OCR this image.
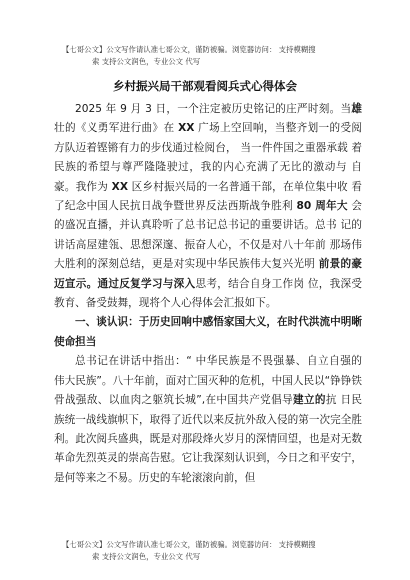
【七哥公文】公文写作请认准七哥公文，谨防被骗。浏览器访问： 支持模糊搜
索 支持公文润色，专业公文 代写
乡村振兴局干部观看阅兵式心得体会

2025 年 9 月 3 日，一个注定被历史铭记的庄严时刻。当雄 壮的《义勇军进行曲》在 XX 广场上空回响，当整齐划一的受阅 方队迈着铿锵有力的步伐通过检阅台， 当一件件国之重器承载 着民族的希望与尊严隆隆驶过，我的内心充满了无比的激动与 自豪。我作为 XX 区乡村振兴局的一名普通干部，在单位集中收 看了纪念中国人民抗日战争暨世界反法西斯战争胜利 80 周年大 会的盛况直播，并认真聆听了总书记总书记的重要讲话。总书 记的讲话高屋建瓴、思想深邃、振奋人心，不仅是对八十年前 那场伟大胜利的深刻总结，更是对实现中华民族伟大复兴光明 前景的豪迈宣示。通过反复学习与深入思考，结合自身工作岗 位，我深受教育、备受鼓舞，现将个人心得体会汇报如下。

一、谈认识：于历史回响中感悟家国大义，在时代洪流中明晰使命担当

总书记在讲话中指出：“ 中华民族是不畏强暴、自立自强的 伟大民族”。八十年前，面对亡国灭种的危机，中国人民以“铮铮铁骨战强敌、以血肉之躯筑长城”,在中国共产党倡导建立的抗 日民族统一战线旗帜下，取得了近代以来反抗外敌入侵的第一次完全胜利。此次阅兵盛典，既是对那段烽火岁月的深情回望，也是对无数革命先烈英灵的崇高告慰。它让我深刻认识到，今日之和平安宁，是何等来之不易。历史的车轮滚滚向前，但

【七哥公文】公文写作请认准七哥公文，谨防被骗。浏览器访问： 支持模糊搜
索 支持公文润色，专业公文 代写
